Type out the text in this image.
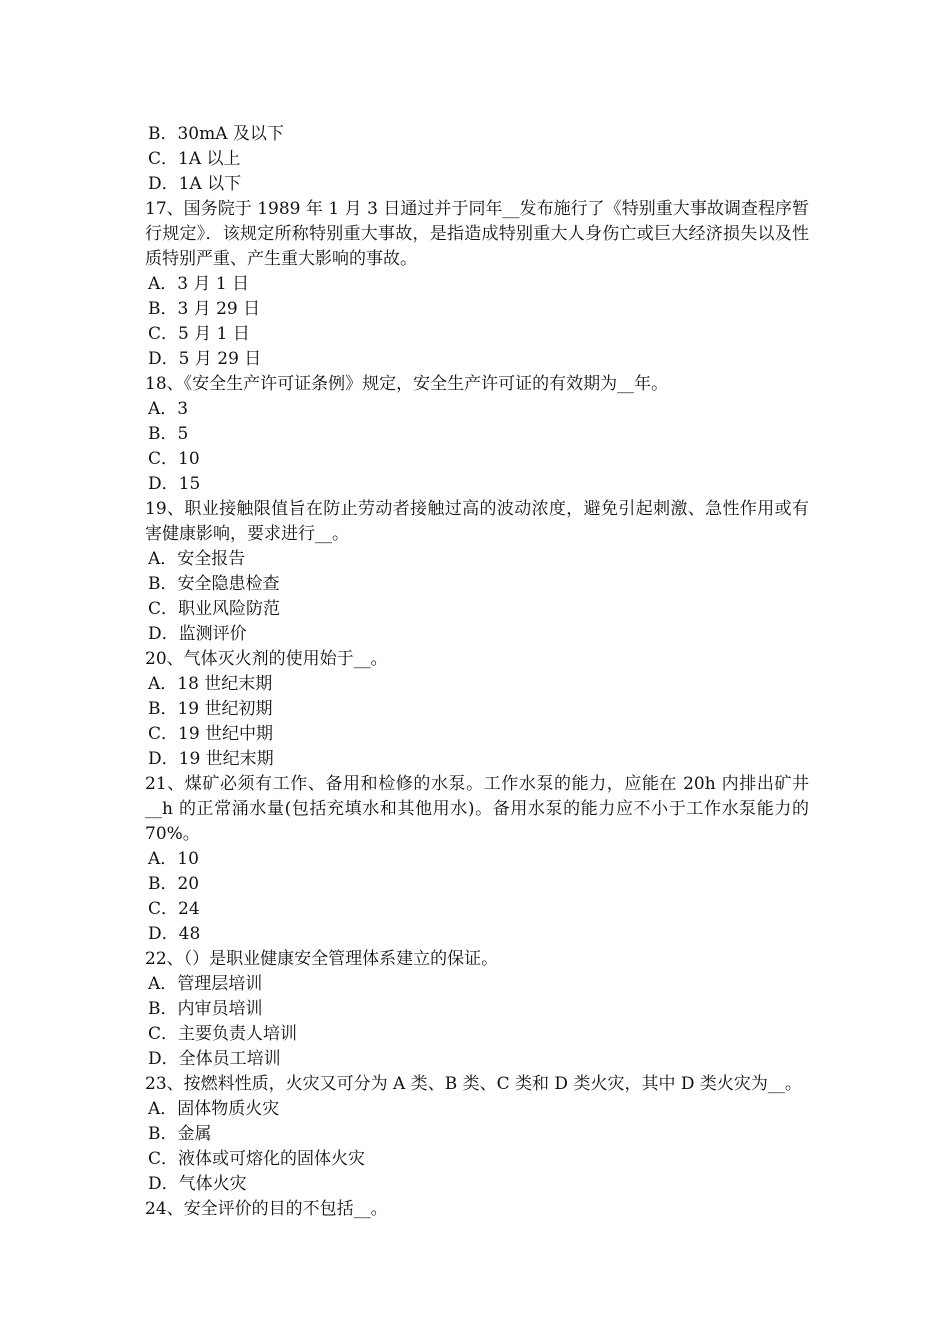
B．30mA 及以下
C．1A 以上
D．1A 以下
17、国务院于 1989 年 1 月 3 日通过并于同年__发布施行了《特别重大事故调查程序暂行规定》．该规定所称特别重大事故，是指造成特别重大人身伤亡或巨大经济损失以及性质特别严重、产生重大影响的事故。
A．3 月 1 日
B．3 月 29 日
C．5 月 1 日
D．5 月 29 日
18、《安全生产许可证条例》规定，安全生产许可证的有效期为__年。
A．3
B．5
C．10
D．15
19、职业接触限值旨在防止劳动者接触过高的波动浓度，避免引起刺激、急性作用或有害健康影响，要求进行__。
A．安全报告
B．安全隐患检查
C．职业风险防范
D．监测评价
20、气体灭火剂的使用始于__。
A．18 世纪末期
B．19 世纪初期
C．19 世纪中期
D．19 世纪末期
21、煤矿必须有工作、备用和检修的水泵。工作水泵的能力，应能在 20h 内排出矿井__h 的正常涌水量(包括充填水和其他用水)。备用水泵的能力应不小于工作水泵能力的 70%。
A．10
B．20
C．24
D．48
22、（）是职业健康安全管理体系建立的保证。
A．管理层培训
B．内审员培训
C．主要负责人培训
D．全体员工培训
23、按燃料性质，火灾又可分为 A 类、B 类、C 类和 D 类火灾，其中 D 类火灾为__。
A．固体物质火灾
B．金属
C．液体或可熔化的固体火灾
D．气体火灾
24、安全评价的目的不包括__。
